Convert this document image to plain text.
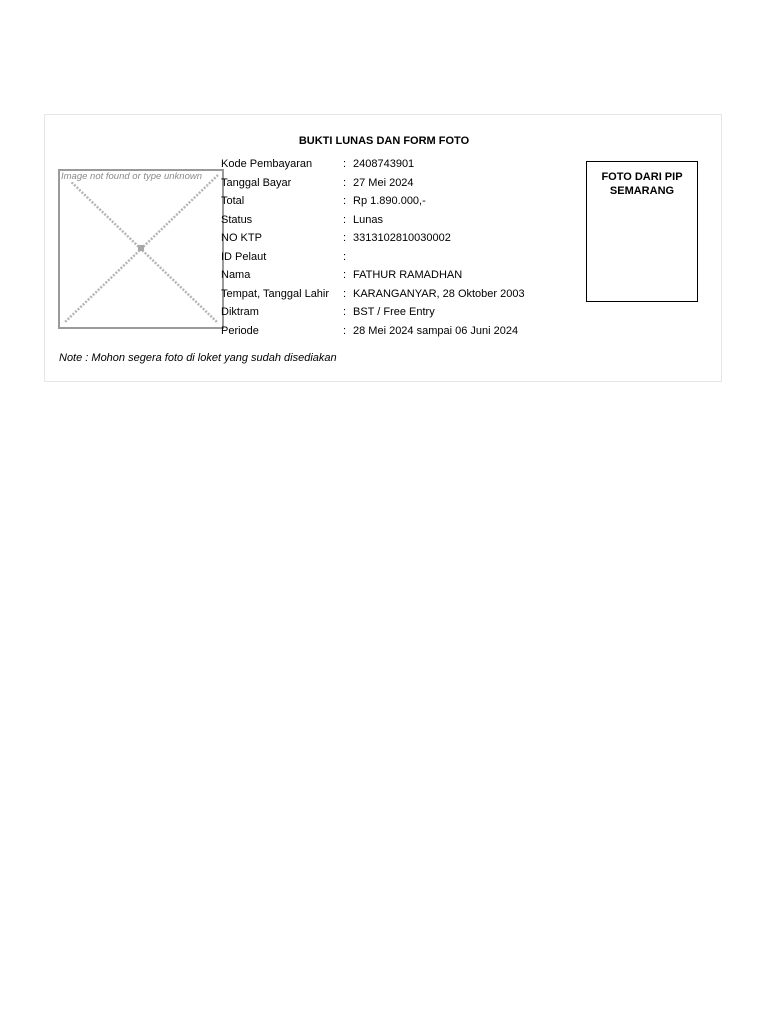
BUKTI LUNAS DAN FORM FOTO

Image not found or type unknown
Kode Pembayaran	: 2408743901
Tanggal Bayar	: 27 Mei 2024
Total	: Rp 1.890.000,-
Status	: Lunas
NO KTP	: 3313102810030002
ID Pelaut	:
Nama	: FATHUR RAMADHAN
Tempat, Tanggal Lahir : KARANGANYAR, 28 Oktober 2003
Diktram	: BST / Free Entry
Periode	: 28 Mei 2024 sampai 06 Juni 2024
FOTO DARI PIP
SEMARANG

Note : Mohon segera foto di loket yang sudah disediakan
